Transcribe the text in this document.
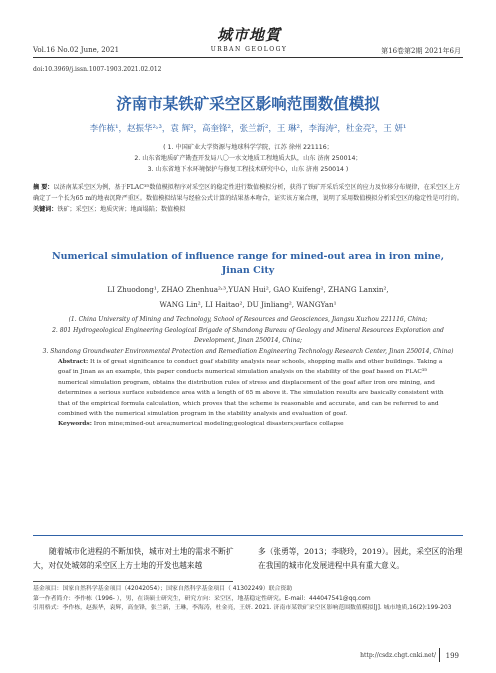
Vol.16 No.02 June, 2021
城市地質
URBAN GEOLOGY	第16卷第2期 2021年6月
doi:10.3969/j.issn.1007-1903.2021.02.012
济南市某铁矿采空区影响范围数值模拟
李作栋¹，赵振华²˒³，袁 辉²，高奎锋²，张兰新²，王 琳²，李海涛²，杜金亮²，王 妍¹
( 1. 中国矿业大学资源与地球科学学院，江苏 徐州 221116；
2. 山东省地质矿产勘查开发局八〇一水文地质工程地质大队，山东 济南 250014；
3. 山东省地下水环境保护与修复工程技术研究中心，山东 济南 250014 )
摘 要：以济南某采空区为例，基于FLAC³ᴰ数值模拟程序对采空区的稳定性进行数值模拟分析，获得了铁矿开采后采空区的应力及位移分布规律，在采空区上方确定了一个长为65 m的地表沉降严重区。数值模拟结果与经验公式计算的结果基本吻合，证实该方案合理，说明了采用数值模拟分析采空区的稳定性是可行的。
关键词：铁矿；采空区；地质灾害；地面塌陷；数值模拟
Numerical simulation of influence range for mined-out area in iron mine,
Jinan City
LI Zhuodong¹, ZHAO Zhenhua²˒³,YUAN Hui², GAO Kuifeng², ZHANG Lanxin²,
WANG Lin², LI Haitao², DU Jinliang², WANGYan¹
(1. China University of Mining and Technology, School of Resources and Geosciences, Jiangsu Xuzhou 221116, China;
2. 801 Hydrogeological Engineering Geological Brigade of Shandong Bureau of Geology and Mineral Resources Exploration and
Development, Jinan 250014, China;
3. Shandong Groundwater Environmental Protection and Remediation Engineering Technology Research Center, Jinan 250014, China)
Abstract: It is of great significance to conduct goaf stability analysis near schools, shopping malls and other buildings. Taking a goaf in Jinan as an example, this paper conducts numerical simulation analysis on the stability of the goaf based on FLAC³ᴰ numerical simulation program, obtains the distribution rules of stress and displacement of the goaf after iron ore mining, and determines a serious surface subsidence area with a length of 65 m above it. The simulation results are basically consistent with that of the empirical formula calculation, which proves that the scheme is reasonable and accurate, and can be referred to and combined with the numerical simulation program in the stability analysis and evaluation of goaf.
Keywords: Iron mine;mined-out area;numerical modeling;geological disasters;surface collapse
随着城市化进程的不断加快，城市对土地的需求不断扩大，对仅处城郊的采空区上方土地的开发也越来越
多（张勇等，2013；李晓玲，2019）。因此，采空区的治理在我国的城市化发展进程中具有重大意义。
基金项目：国家自然科学基金项目（42042054）；国家自然科学基金项目（ 41302249）联合资助
第一作者简介：李作栋（1996- ），男，在读硕士研究生，研究方向：采空区，地基稳定性研究。E-mail：444047541@qq.com
引用格式：李作栋，赵振华，袁辉，高奎锋，张兰新，王琳，李海涛，杜金亮，王妍. 2021. 济南市某铁矿采空区影响范围数值模拟[J]. 城市地质,16(2):199-203
http://csdz.chgt.cnki.net/ 199
